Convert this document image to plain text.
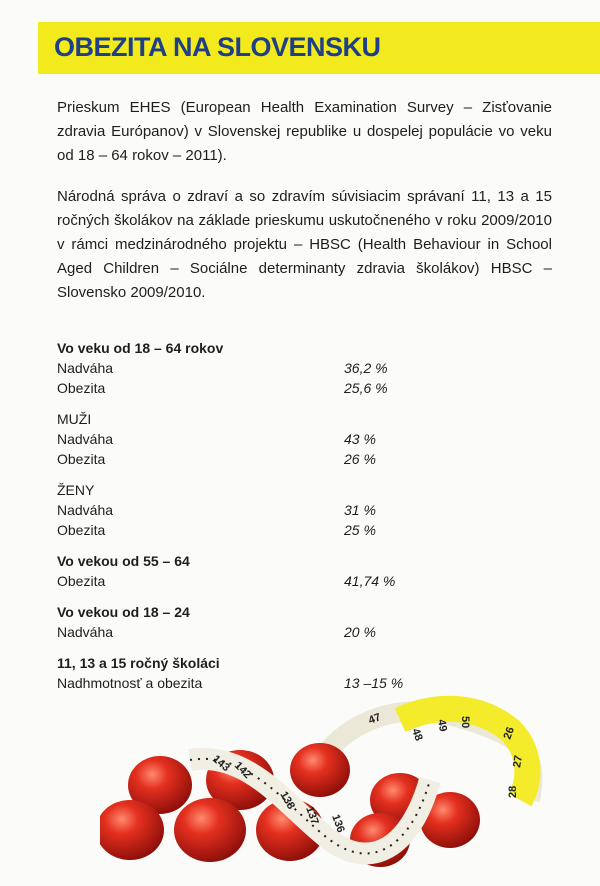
OBEZITA NA SLOVENSKU

Prieskum EHES (European Health Examination Survey – Zisťovanie zdravia Európanov) v Slovenskej republike u dospelej populácie vo veku od 18 – 64 rokov – 2011).

Národná správa o zdraví a so zdravím súvisiacim správaní 11, 13 a 15 ročných školákov na základe prieskumu uskutočneného v roku 2009/2010 v rámci medzinárodného projektu – HBSC (Health Behaviour in School Aged Children – Sociálne determinanty zdravia školákov) HBSC – Slovensko 2009/2010.

Vo veku od 18 – 64 rokov
Nadváha	36,2 %
Obezita	25,6 %
MUŽI
Nadváha	43 %
Obezita	26 %
ŽENY
Nadváha	31 %
Obezita	25 %
Vo vekou od 55 – 64
Obezita	41,74 %
Vo vekou od 18 – 24
Nadváha	20 %
11, 13 a 15 ročný školáci
Nadhmotnosť a obezita	13 –15 %
136
137
138
48
49 50
26
27
28
47
143 142
